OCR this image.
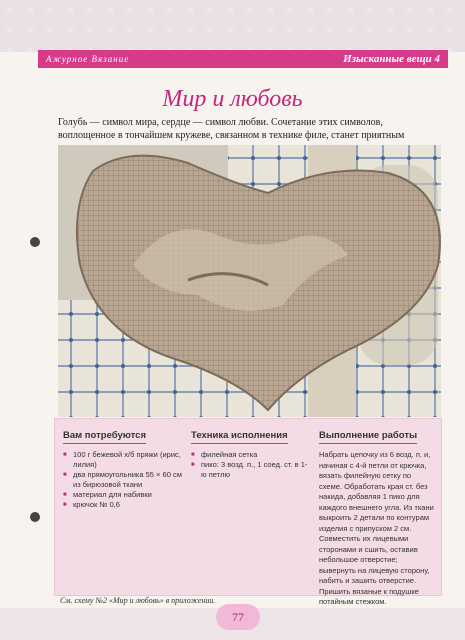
Ажурное Вязание	Изысканные вещи 4
Мир и любовь
Голубь — символ мира, сердце — символ любви. Сочетание этих символов, воплощенное в тончайшем кружеве, связанном в технике филе, станет приятным
Вам потребуются
■ 100 г бежевой х/б пряжи (ирис, лилия)
■ два прямоугольника 55 × 60 см из бирюзовой ткани
■ материал для набивки
■ крючок № 0,6
Техника исполнения
■ филейная сетка
■ пико: 3 возд. п., 1 соед. ст. в 1-ю петлю
Выполнение работы

Набрать цепочку из 6 возд. п. и, начиная с 4-й петли от крючка, вязать филейную сетку по схеме. Обработать края ст. без накида, добавляя 1 пико для каждого внешнего угла. Из ткани выкроить 2 детали по контурам изделия с припуском 2 см. Совместить их лицевыми сторонами и сшить, оставив небольшое отверстие; вывернуть на лицевую сторону, набить и зашить отверстие. Пришить вязаные к подушке потайным стежком.

См. схему №2 «Мир и любовь» в приложении.
77
